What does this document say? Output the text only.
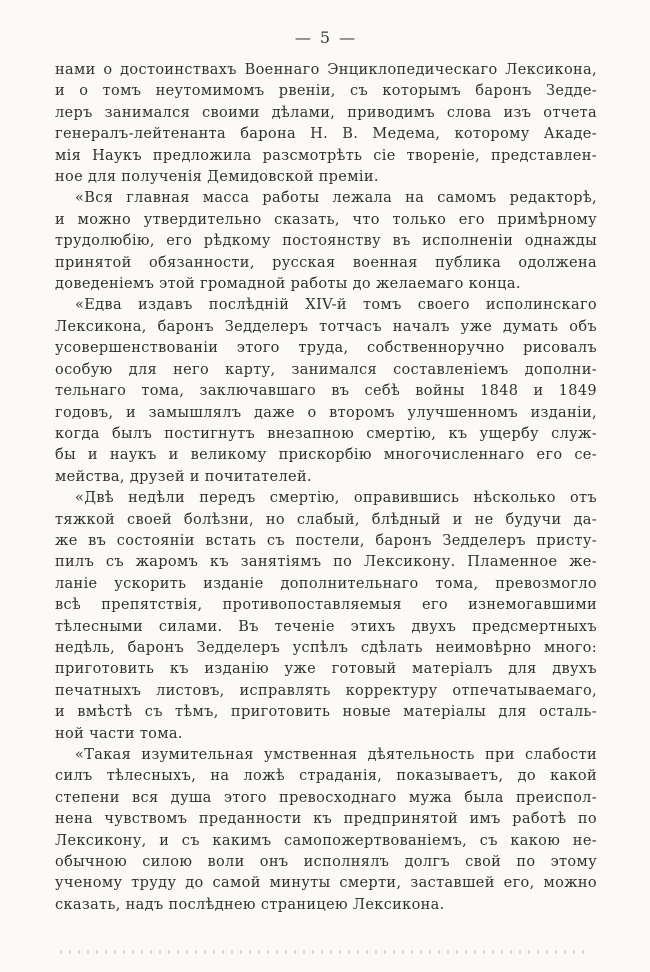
— 5 —

нами о достоинствахъ Военнаго Энциклопедическаго Лексикона,
и о томъ неутомимомъ рвеніи, съ которымъ баронъ Зедде-
леръ занимался своими дѣлами, приводимъ слова изъ отчета
генералъ-лейтенанта барона Н. В. Медема, которому Акаде-
мія Наукъ предложила разсмотрѣть сіе твореніе, представлен-
ное для полученія Демидовской преміи.

«Вся главная масса работы лежала на самомъ редакторѣ,
и можно утвердительно сказать, что только его примѣрному
трудолюбію, его рѣдкому постоянству въ исполненіи однажды
принятой обязанности, русская военная публика одолжена
доведеніемъ этой громадной работы до желаемаго конца.

«Едва издавъ послѣдній XIV-й томъ своего исполинскаго
Лексикона, баронъ Зедделеръ тотчасъ началъ уже думать объ
усовершенствованіи этого труда, собственноручно рисовалъ
особую для него карту, занимался составленіемъ дополни-
тельнаго тома, заключавшаго въ себѣ войны 1848 и 1849
годовъ, и замышлялъ даже о второмъ улучшенномъ изданіи,
когда былъ постигнутъ внезапною смертію, къ ущербу служ-
бы и наукъ и великому прискорбію многочисленнаго его се-
мейства, друзей и почитателей.

«Двѣ недѣли передъ смертію, оправившись нѣсколько отъ
тяжкой своей болѣзни, но слабый, блѣдный и не будучи да-
же въ состояніи встать съ постели, баронъ Зедделеръ присту-
пилъ съ жаромъ къ занятіямъ по Лексикону. Пламенное же-
ланіе ускорить изданіе дополнительнаго тома, превозмогло
всѣ препятствія, противопоставляемыя его изнемогавшими
тѣлесными силами. Въ теченіе этихъ двухъ предсмертныхъ
недѣль, баронъ Зедделеръ успѣлъ сдѣлать неимовѣрно много:
приготовить къ изданію уже готовый матеріалъ для двухъ
печатныхъ листовъ, исправлять корректуру отпечатываемаго,
и вмѣстѣ съ тѣмъ, приготовить новые матеріалы для осталь-
ной части тома.

«Такая изумительная умственная дѣятельность при слабости
силъ тѣлесныхъ, на ложѣ страданія, показываетъ, до какой
степени вся душа этого превосходнаго мужа была преиспол-
нена чувствомъ преданности къ предпринятой имъ работѣ по
Лексикону, и съ какимъ самопожертвованіемъ, съ какою не-
обычною силою воли онъ исполнялъ долгъ свой по этому
ученому труду до самой минуты смерти, заставшей его, можно
сказать, надъ послѣднею страницею Лексикона.
